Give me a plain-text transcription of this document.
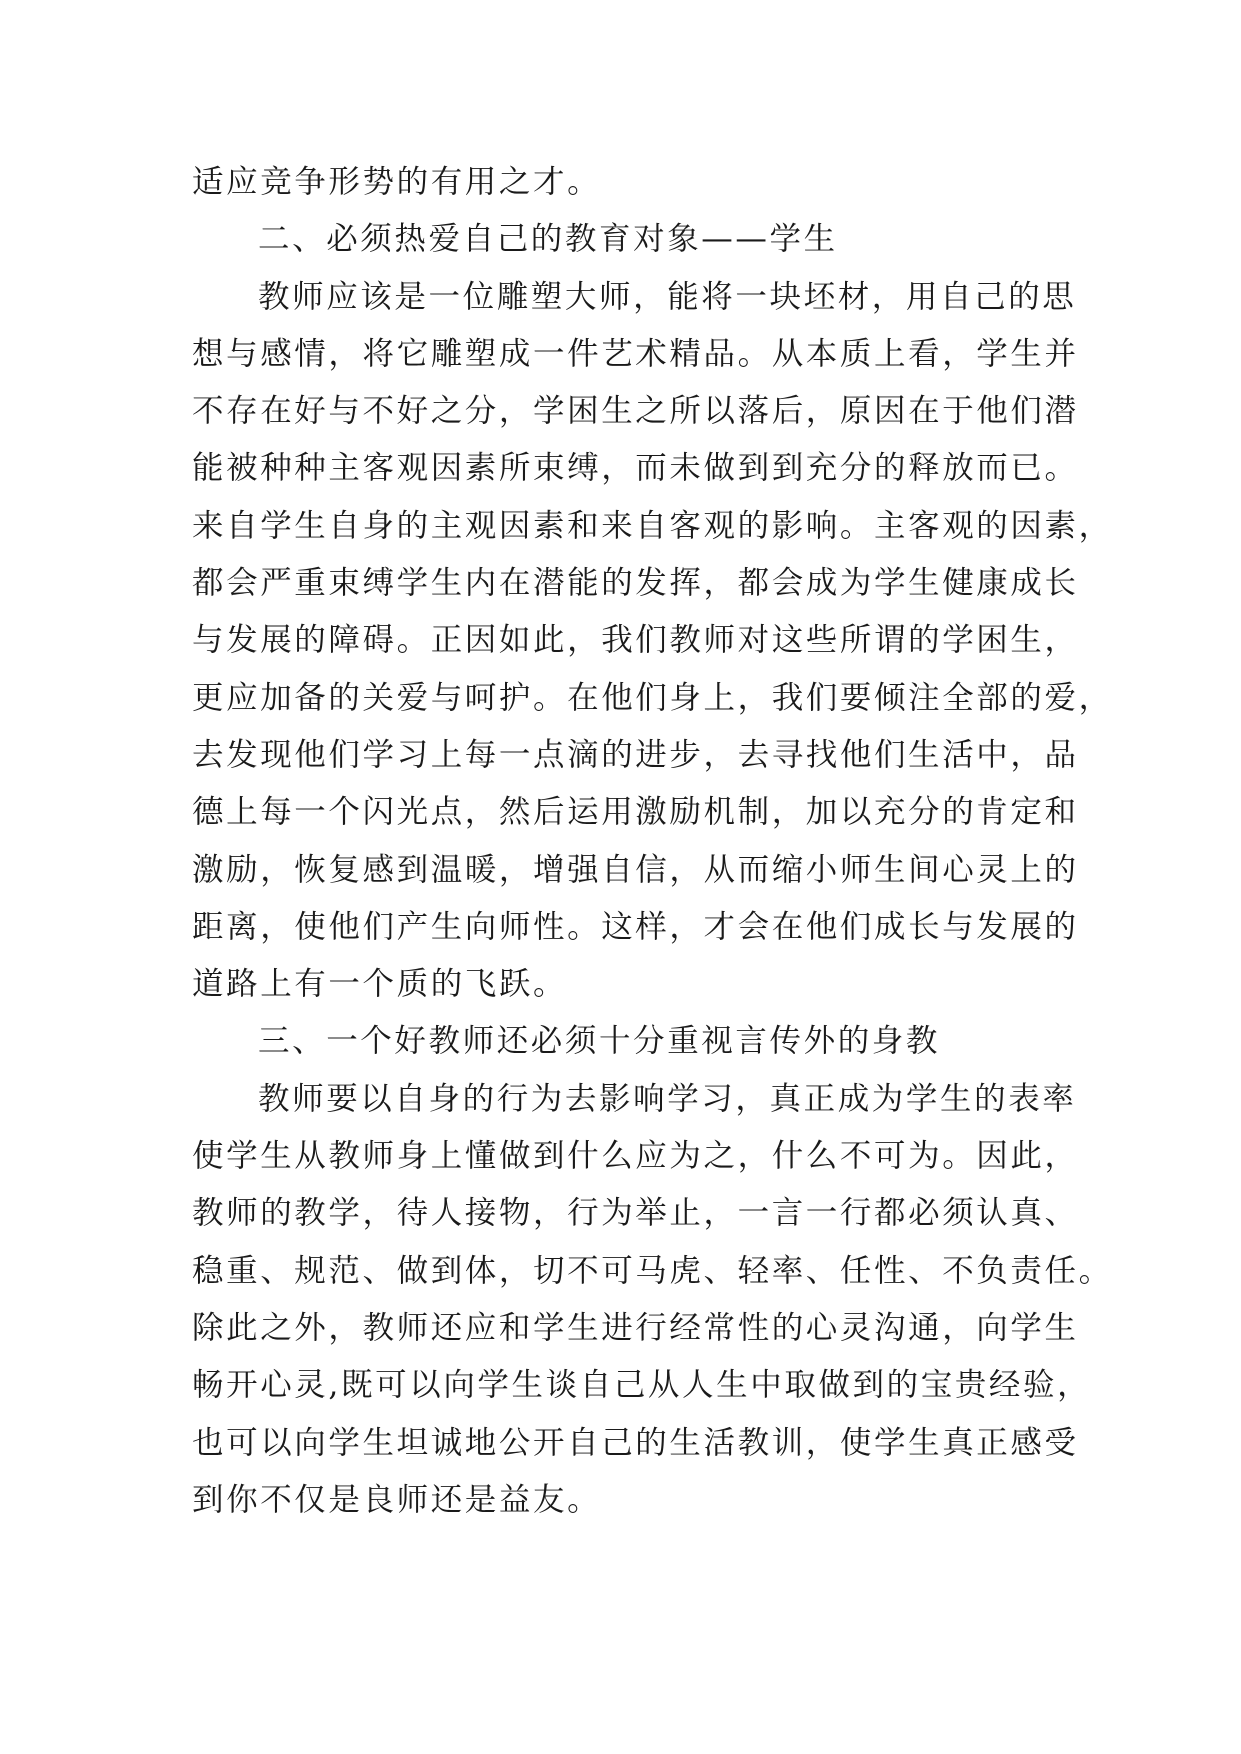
适应竞争形势的有用之才。
二、必须热爱自己的教育对象——学生
教师应该是一位雕塑大师，能将一块坯材，用自己的思
想与感情，将它雕塑成一件艺术精品。从本质上看，学生并
不存在好与不好之分，学困生之所以落后，原因在于他们潜
能被种种主客观因素所束缚，而未做到到充分的释放而已。
来自学生自身的主观因素和来自客观的影响。主客观的因素，
都会严重束缚学生内在潜能的发挥，都会成为学生健康成长
与发展的障碍。正因如此，我们教师对这些所谓的学困生，
更应加备的关爱与呵护。在他们身上，我们要倾注全部的爱，
去发现他们学习上每一点滴的进步，去寻找他们生活中，品
德上每一个闪光点，然后运用激励机制，加以充分的肯定和
激励，恢复感到温暖，增强自信，从而缩小师生间心灵上的
距离，使他们产生向师性。这样，才会在他们成长与发展的
道路上有一个质的飞跃。
三、一个好教师还必须十分重视言传外的身教
教师要以自身的行为去影响学习，真正成为学生的表率
使学生从教师身上懂做到什么应为之，什么不可为。因此，
教师的教学，待人接物，行为举止，一言一行都必须认真、
稳重、规范、做到体，切不可马虎、轻率、任性、不负责任。
除此之外，教师还应和学生进行经常性的心灵沟通，向学生
畅开心灵,既可以向学生谈自己从人生中取做到的宝贵经验，
也可以向学生坦诚地公开自己的生活教训，使学生真正感受
到你不仅是良师还是益友。
